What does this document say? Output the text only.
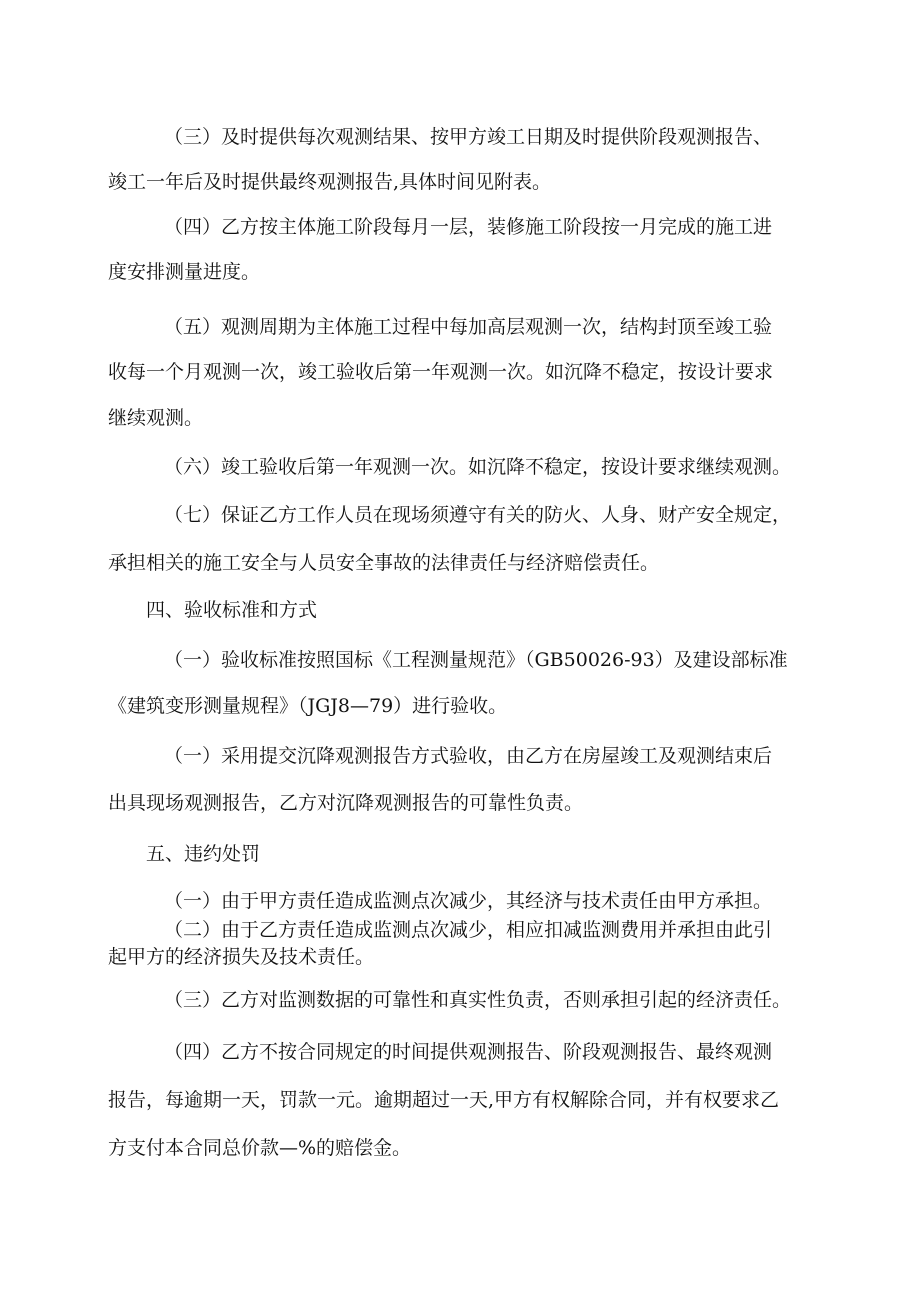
（三）及时提供每次观测结果、按甲方竣工日期及时提供阶段观测报告、
竣工一年后及时提供最终观测报告,具体时间见附表。
（四）乙方按主体施工阶段每月一层，装修施工阶段按一月完成的施工进
度安排测量进度。
（五）观测周期为主体施工过程中每加高层观测一次，结构封顶至竣工验
收每一个月观测一次，竣工验收后第一年观测一次。如沉降不稳定，按设计要求
继续观测。
（六）竣工验收后第一年观测一次。如沉降不稳定，按设计要求继续观测。
（七）保证乙方工作人员在现场须遵守有关的防火、人身、财产安全规定，
承担相关的施工安全与人员安全事故的法律责任与经济赔偿责任。
四、验收标准和方式
（一）验收标准按照国标《工程测量规范》（GB50026-93）及建设部标准
《建筑变形测量规程》（JGJ8—79）进行验收。
（一）采用提交沉降观测报告方式验收，由乙方在房屋竣工及观测结束后
出具现场观测报告，乙方对沉降观测报告的可靠性负责。
五、违约处罚
（一）由于甲方责任造成监测点次减少，其经济与技术责任由甲方承担。
（二）由于乙方责任造成监测点次减少，相应扣减监测费用并承担由此引
起甲方的经济损失及技术责任。
（三）乙方对监测数据的可靠性和真实性负责，否则承担引起的经济责任。
（四）乙方不按合同规定的时间提供观测报告、阶段观测报告、最终观测
报告，每逾期一天，罚款一元。逾期超过一天,甲方有权解除合同，并有权要求乙
方支付本合同总价款—%的赔偿金。
